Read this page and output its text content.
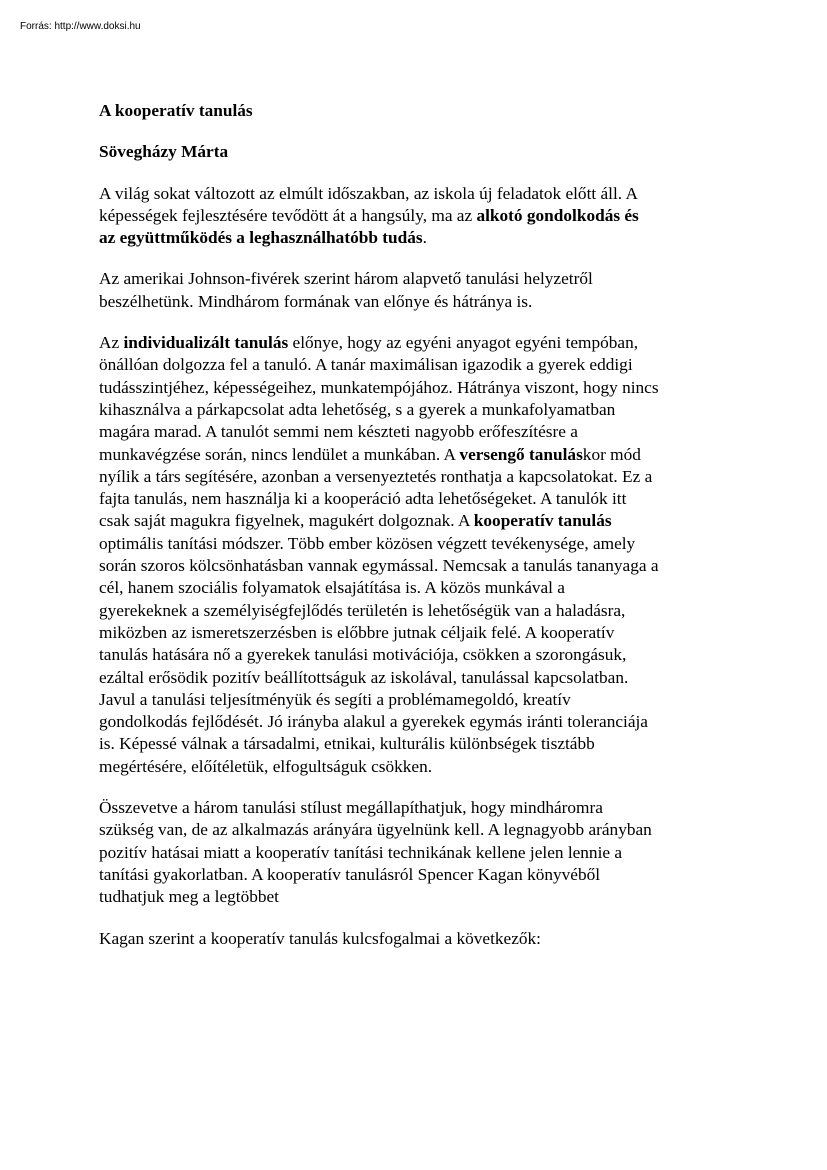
Forrás: http://www.doksi.hu
A kooperatív tanulás
Sövegházy Márta
A világ sokat változott az elmúlt időszakban, az iskola új feladatok előtt áll. A
képességek fejlesztésére tevődött át a hangsúly, ma az alkotó gondolkodás és
az együttműködés a leghasználhatóbb tudás.
Az amerikai Johnson-fivérek szerint három alapvető tanulási helyzetről
beszélhetünk. Mindhárom formának van előnye és hátránya is.
Az individualizált tanulás előnye, hogy az egyéni anyagot egyéni tempóban,
önállóan dolgozza fel a tanuló. A tanár maximálisan igazodik a gyerek eddigi
tudásszintjéhez, képességeihez, munkatempójához. Hátránya viszont, hogy nincs
kihasználva a párkapcsolat adta lehetőség, s a gyerek a munkafolyamatban
magára marad. A tanulót semmi nem készteti nagyobb erőfeszítésre a
munkavégzése során, nincs lendület a munkában. A versengő tanuláskor mód
nyílik a társ segítésére, azonban a versenyeztetés ronthatja a kapcsolatokat. Ez a
fajta tanulás, nem használja ki a kooperáció adta lehetőségeket. A tanulók itt
csak saját magukra figyelnek, magukért dolgoznak. A kooperatív tanulás
optimális tanítási módszer. Több ember közösen végzett tevékenysége, amely
során szoros kölcsönhatásban vannak egymással. Nemcsak a tanulás tananyaga a
cél, hanem szociális folyamatok elsajátítása is. A közös munkával a
gyerekeknek a személyiségfejlődés területén is lehetőségük van a haladásra,
miközben az ismeretszerzésben is előbbre jutnak céljaik felé. A kooperatív
tanulás hatására nő a gyerekek tanulási motivációja, csökken a szorongásuk,
ezáltal erősödik pozitív beállítottságuk az iskolával, tanulással kapcsolatban.
Javul a tanulási teljesítményük és segíti a problémamegoldó, kreatív
gondolkodás fejlődését. Jó irányba alakul a gyerekek egymás iránti toleranciája
is. Képessé válnak a társadalmi, etnikai, kulturális különbségek tisztább
megértésére, előítéletük, elfogultságuk csökken.
Összevetve a három tanulási stílust megállapíthatjuk, hogy mindháromra
szükség van, de az alkalmazás arányára ügyelnünk kell. A legnagyobb arányban
pozitív hatásai miatt a kooperatív tanítási technikának kellene jelen lennie a
tanítási gyakorlatban. A kooperatív tanulásról Spencer Kagan könyvéből
tudhatjuk meg a legtöbbet
Kagan szerint a kooperatív tanulás kulcsfogalmai a következők:
